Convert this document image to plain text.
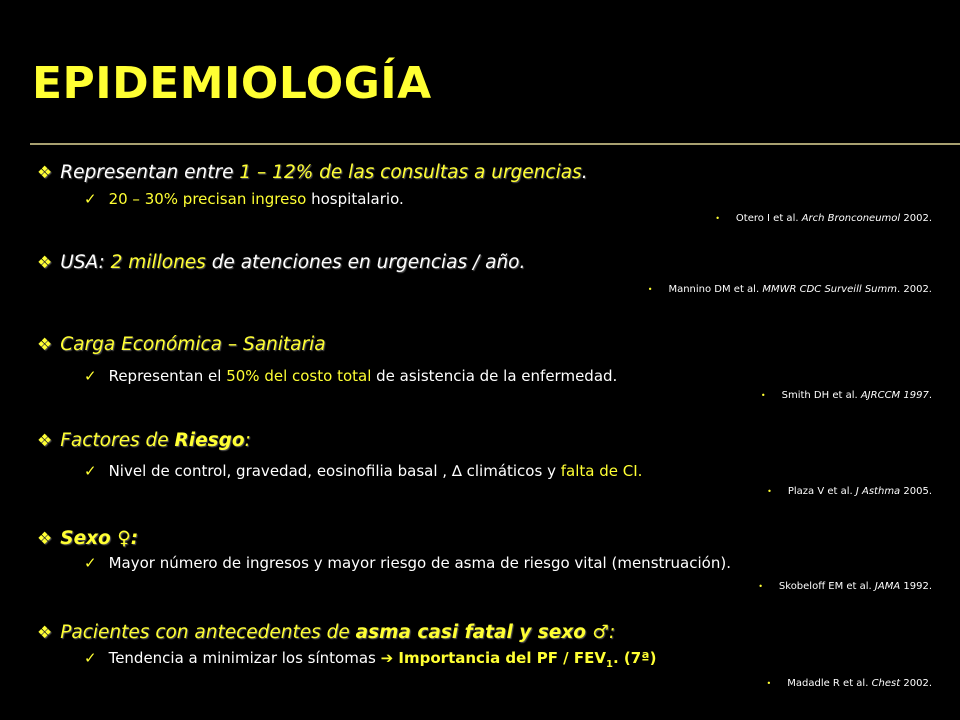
EPIDEMIOLOGÍA
❖ Representan entre 1 – 12% de las consultas a urgencias.
✓ 20 – 30% precisan ingreso hospitalario.
• Otero I et al. Arch Bronconeumol 2002.
❖ USA: 2 millones de atenciones en urgencias / año.
• Mannino DM et al. MMWR CDC Surveill Summ. 2002.
❖ Carga Económica – Sanitaria
✓ Representan el 50% del costo total de asistencia de la enfermedad.
• Smith DH et al. AJRCCM 1997.
❖ Factores de Riesgo:
✓ Nivel de control, gravedad, eosinofilia basal , ∆ climáticos y falta de CI.
• Plaza V et al. J Asthma 2005.
❖ Sexo ♀:
✓ Mayor número de ingresos y mayor riesgo de asma de riesgo vital (menstruación).
• Skobeloff EM et al. JAMA 1992.
❖ Pacientes con antecedentes de asma casi fatal y sexo ♂:
✓ Tendencia a minimizar los síntomas ➔ Importancia del PF / $FEV_1$. (7ª)
• Madadle R et al. Chest 2002.
